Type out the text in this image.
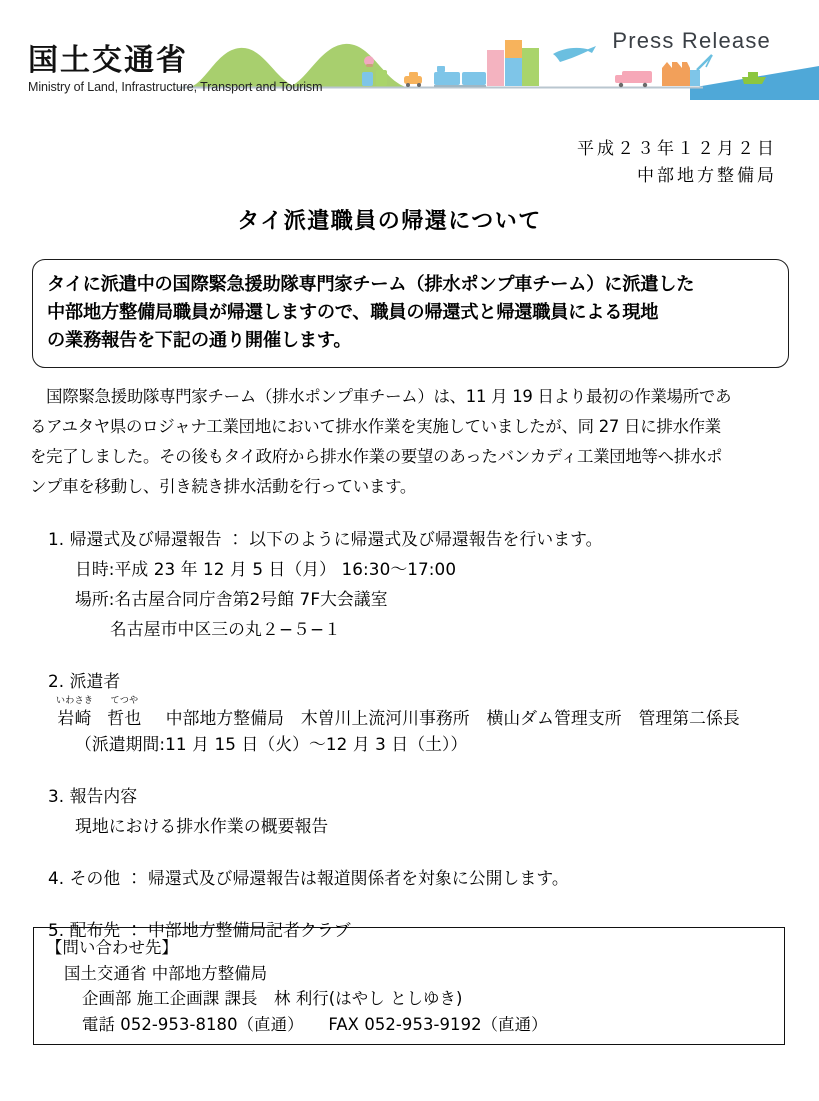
国土交通省
Ministry of Land, Infrastructure, Transport and Tourism
Press Release
平成２３年１２月２日
中部地方整備局
タイ派遣職員の帰還について
タイに派遣中の国際緊急援助隊専門家チーム（排水ポンプ車チーム）に派遣した
中部地方整備局職員が帰還しますので、職員の帰還式と帰還職員による現地
の業務報告を下記の通り開催します。
　国際緊急援助隊専門家チーム（排水ポンプ車チーム）は、11 月 19 日より最初の作業場所であ
るアユタヤ県のロジャナ工業団地において排水作業を実施していましたが、同 27 日に排水作業
を完了しました。その後もタイ政府から排水作業の要望のあったバンカディ工業団地等へ排水ポ
ンプ車を移動し、引き続き排水活動を行っています。
1. 帰還式及び帰還報告 ： 以下のように帰還式及び帰還報告を行います。
日時:平成 23 年 12 月 5 日（月） 16:30〜17:00
場所:名古屋合同庁舎第2号館 7F大会議室
名古屋市中区三の丸２−５−１
2. 派遣者
いわさき
岩崎
てつや
哲也 中部地方整備局　木曽川上流河川事務所　横山ダム管理支所　管理第二係長
（派遣期間:11 月 15 日（火）〜12 月 3 日（土））
3. 報告内容
現地における排水作業の概要報告
4. その他 ： 帰還式及び帰還報告は報道関係者を対象に公開します。
5. 配布先 ： 中部地方整備局記者クラブ
【問い合わせ先】
国土交通省 中部地方整備局
企画部 施工企画課 課長　林 利行(はやし としゆき)
電話 052-953-8180（直通）　　FAX 052-953-9192（直通）
